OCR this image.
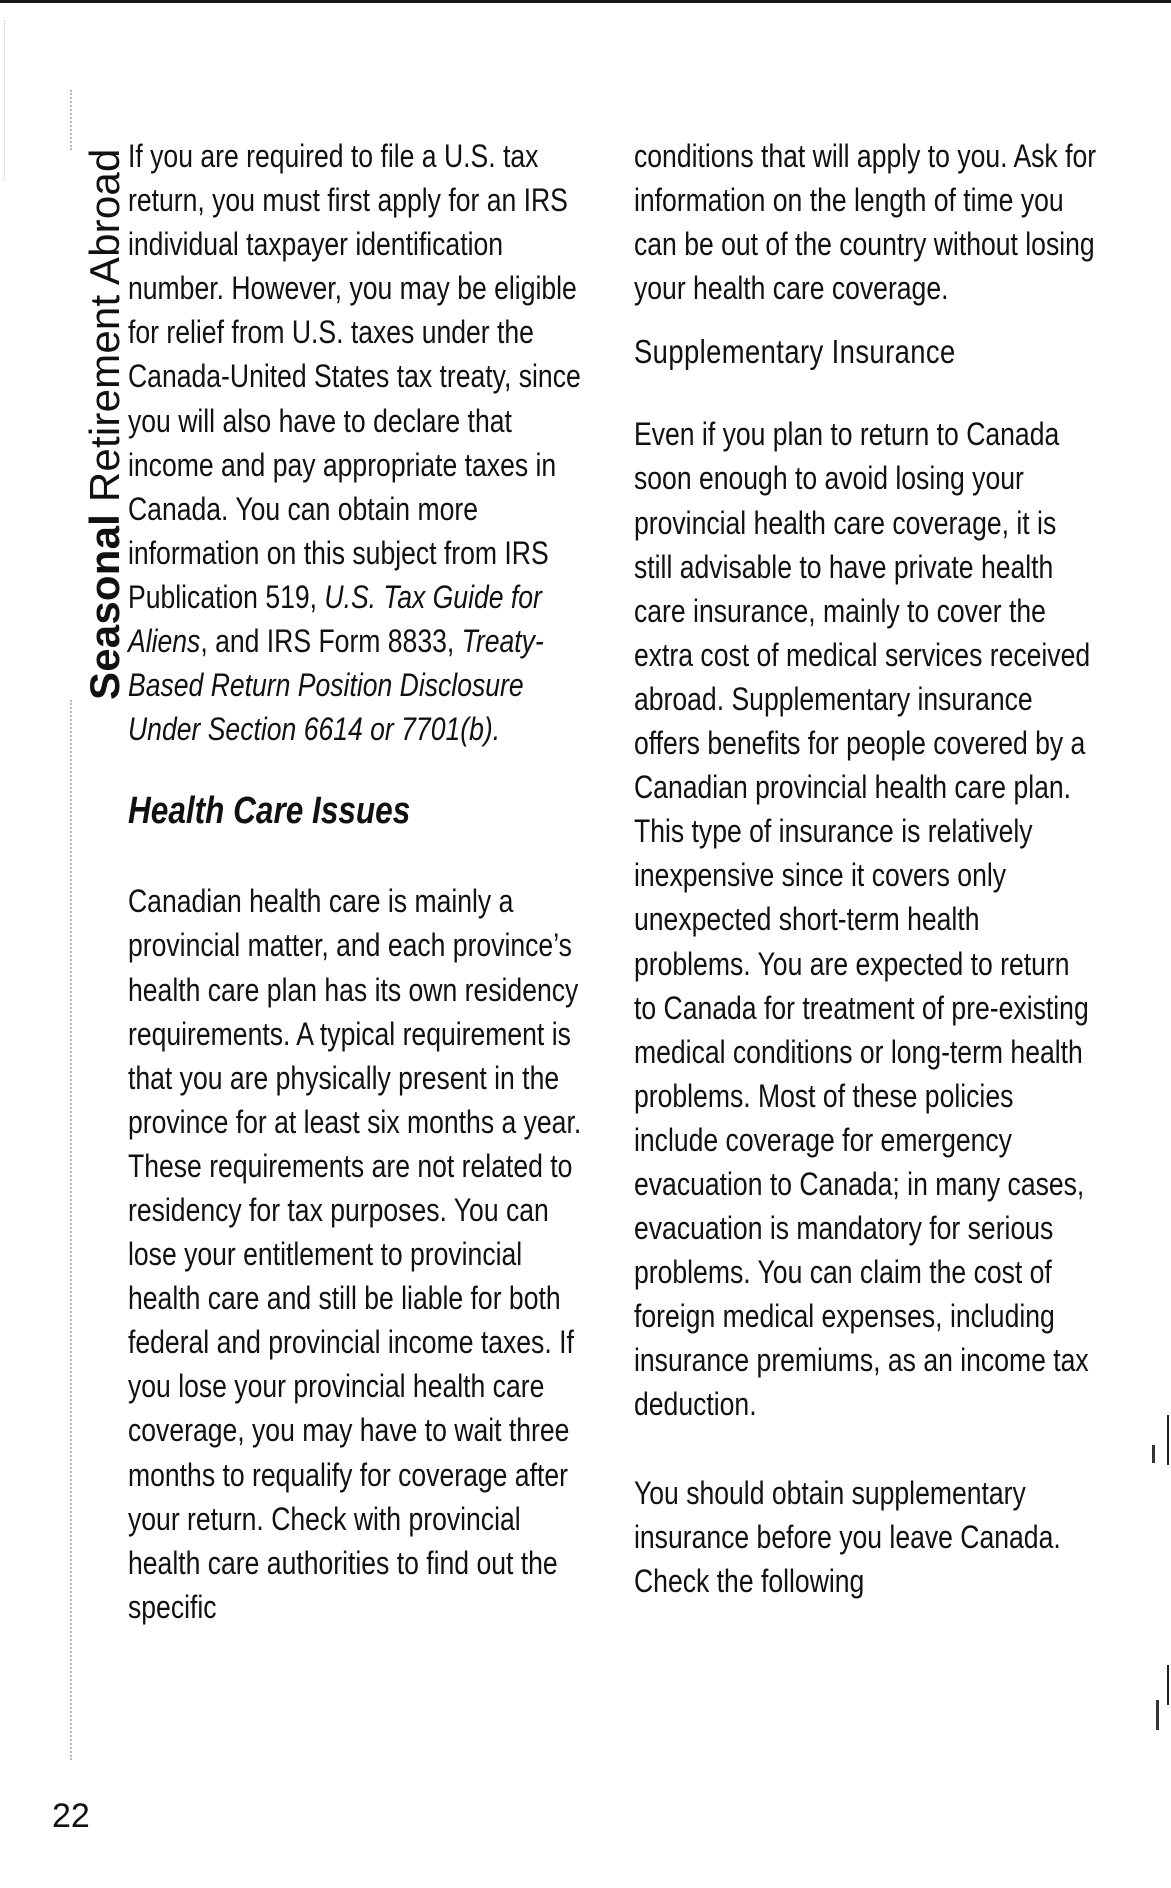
Seasonal Retirement Abroad
22

If you are required to file a U.S. tax return, you must first apply for an IRS individual taxpayer identification number. However, you may be eligible for relief from U.S. taxes under the Canada-United States tax treaty, since you will also have to declare that income and pay appropriate taxes in Canada. You can obtain more information on this subject from IRS Publication 519, U.S. Tax Guide for Aliens, and IRS Form 8833, Treaty-Based Return Position Disclosure Under Section 6614 or 7701(b).

Health Care Issues

Canadian health care is mainly a provincial matter, and each province’s health care plan has its own residency requirements. A typical requirement is that you are physically present in the province for at least six months a year. These requirements are not related to residency for tax purposes. You can lose your entitlement to provincial health care and still be liable for both federal and provincial income taxes. If you lose your provincial health care coverage, you may have to wait three months to requalify for coverage after your return. Check with provincial health care authorities to find out the specific

conditions that will apply to you. Ask for information on the length of time you can be out of the country without losing your health care coverage.

Supplementary Insurance

Even if you plan to return to Canada soon enough to avoid losing your provincial health care coverage, it is still advisable to have private health care insurance, mainly to cover the extra cost of medical services received abroad. Supplementary insurance offers benefits for people covered by a Canadian provincial health care plan. This type of insurance is relatively inexpensive since it covers only unexpected short-term health problems. You are expected to return to Canada for treatment of pre-existing medical conditions or long-term health problems. Most of these policies include coverage for emergency evacuation to Canada; in many cases, evacuation is mandatory for serious problems. You can claim the cost of foreign medical expenses, including insurance premiums, as an income tax deduction.

You should obtain supplementary insurance before you leave Canada. Check the following
